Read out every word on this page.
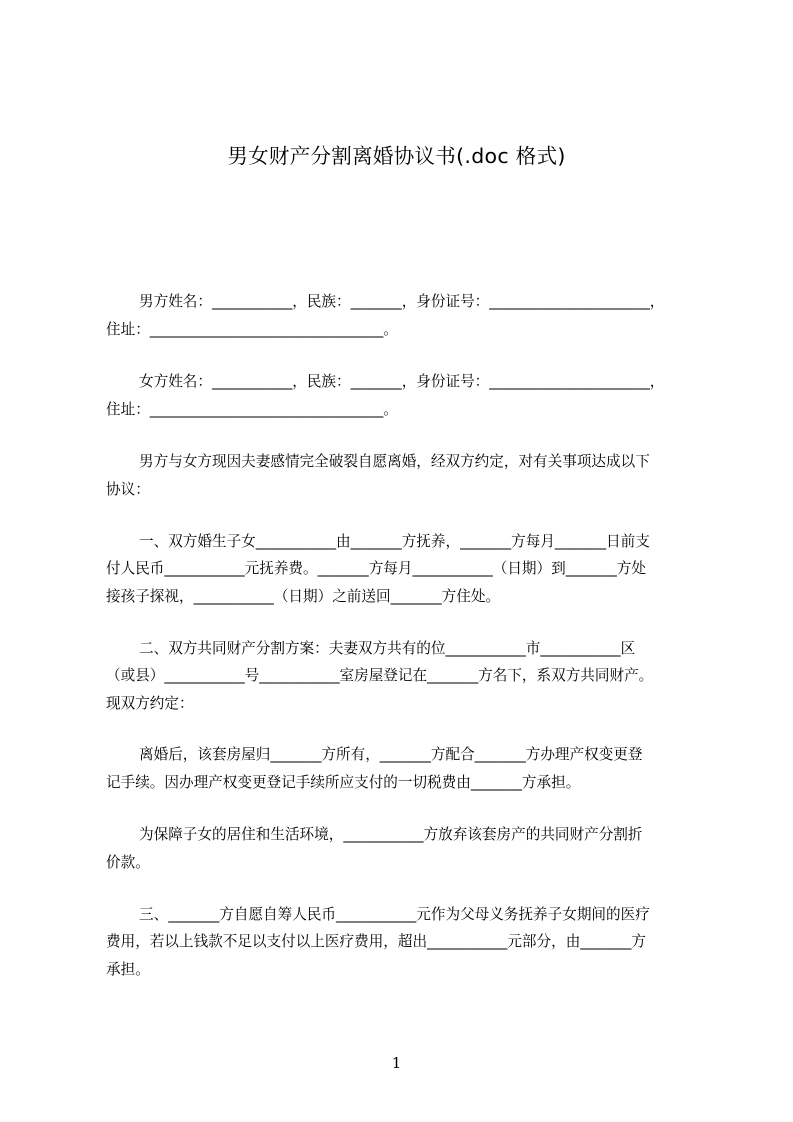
男女财产分割离婚协议书(.doc 格式)
男方姓名：___________，民族：_______，身份证号：______________________，
住址：________________________________。
女方姓名：___________，民族：_______，身份证号：______________________，
住址：________________________________。
男方与女方现因夫妻感情完全破裂自愿离婚，经双方约定，对有关事项达成以下
协议：
一、双方婚生子女___________由_______方抚养，_______方每月_______日前支
付人民币___________元抚养费。_______方每月___________（日期）到_______方处
接孩子探视，___________（日期）之前送回_______方住处。
二、双方共同财产分割方案：夫妻双方共有的位___________市___________区
（或县）___________号___________室房屋登记在_______方名下，系双方共同财产。
现双方约定：
离婚后，该套房屋归_______方所有，_______方配合_______方办理产权变更登
记手续。因办理产权变更登记手续所应支付的一切税费由_______方承担。
为保障子女的居住和生活环境，___________方放弃该套房产的共同财产分割折
价款。
三、_______方自愿自筹人民币___________元作为父母义务抚养子女期间的医疗
费用，若以上钱款不足以支付以上医疗费用，超出___________元部分，由_______方
承担。
1
